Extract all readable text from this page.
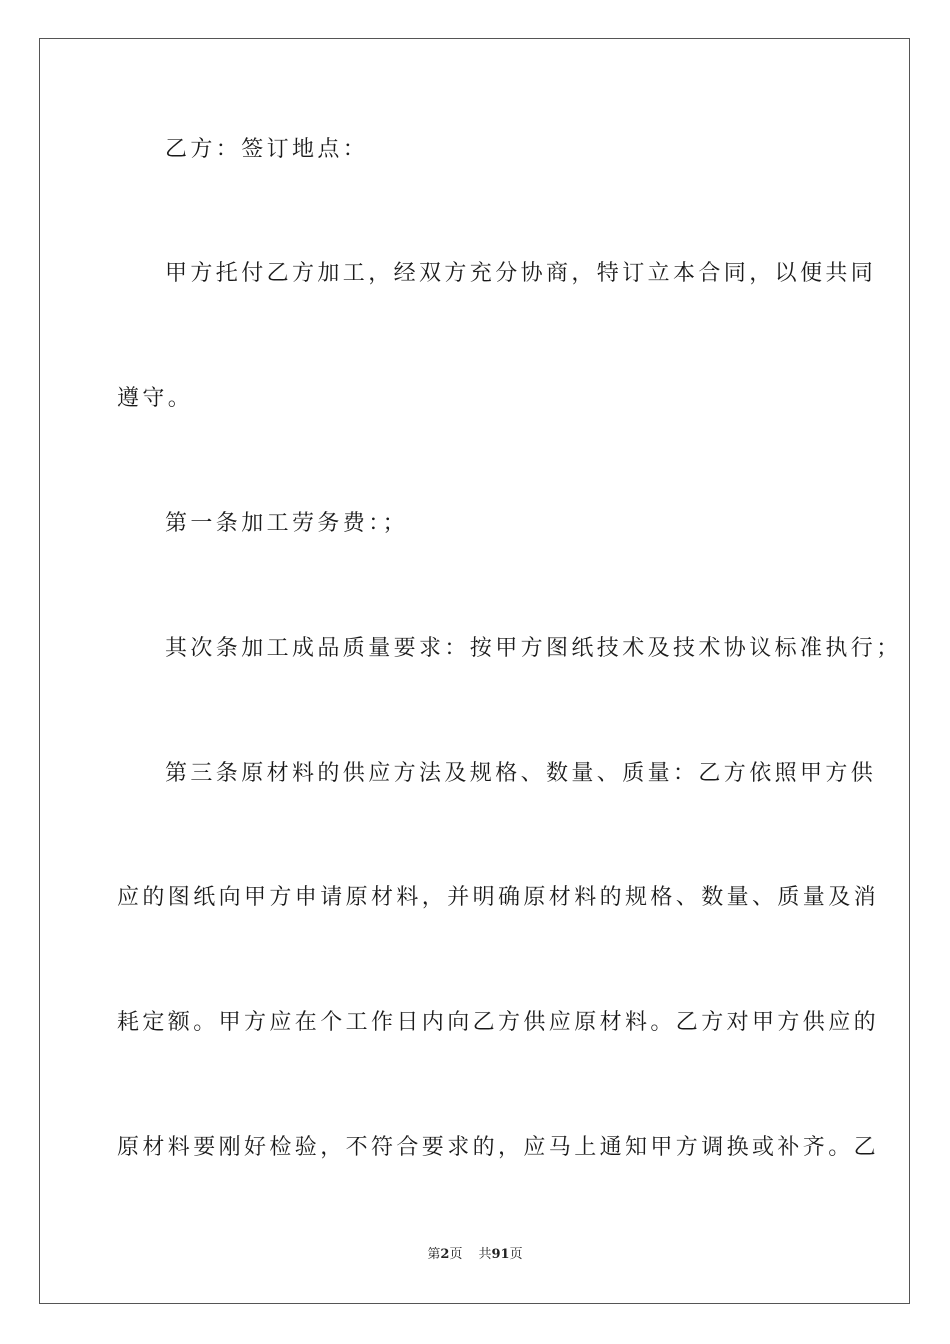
乙方：签订地点：
甲方托付乙方加工，经双方充分协商，特订立本合同，以便共同
遵守。
第一条加工劳务费：；
其次条加工成品质量要求：按甲方图纸技术及技术协议标准执行；
第三条原材料的供应方法及规格、数量、质量：乙方依照甲方供
应的图纸向甲方申请原材料，并明确原材料的规格、数量、质量及消
耗定额。甲方应在个工作日内向乙方供应原材料。乙方对甲方供应的
原材料要刚好检验，不符合要求的，应马上通知甲方调换或补齐。乙
第2页 共91页
